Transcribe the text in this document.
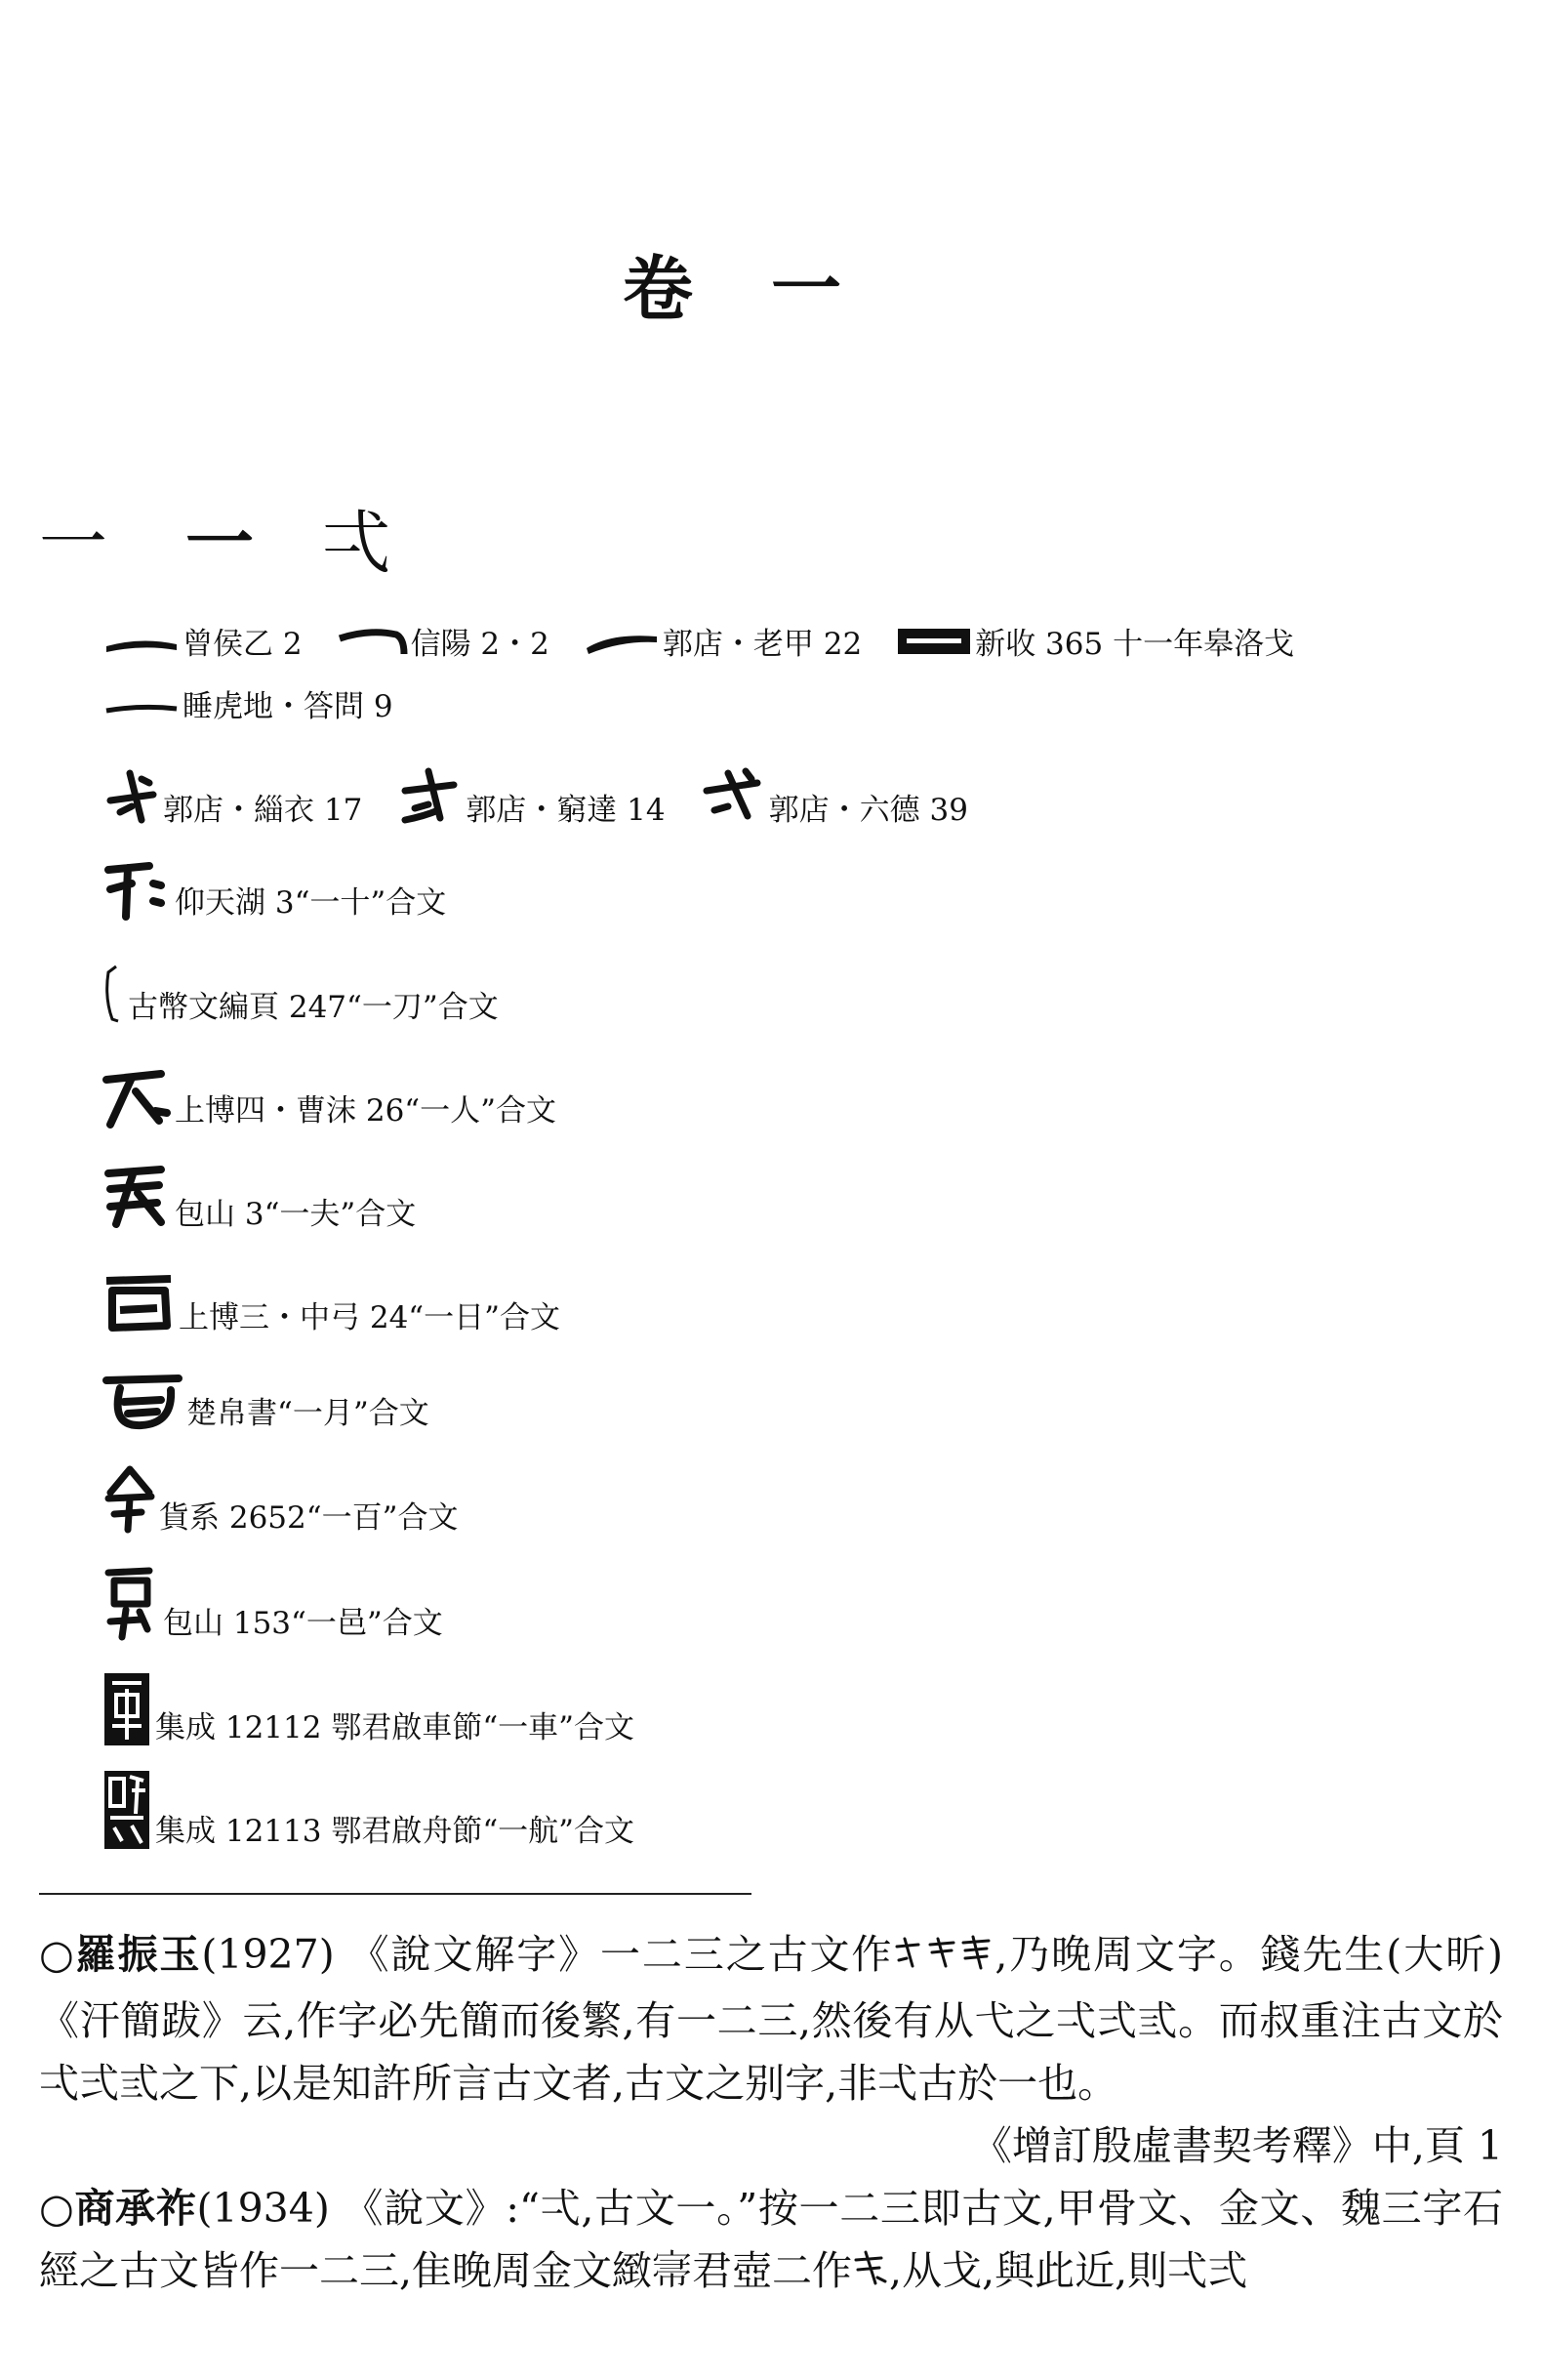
卷一
一	一	弌
曾侯乙 2	信陽 2・2	郭店・老甲 22	新收 365 十一年皋洛戈
睡虎地・答問 9
郭店・緇衣 17	郭店・窮達 14	郭店・六德 39
仰天湖 3“一十”合文
古幣文編頁 247“一刀”合文
上博四・曹沫 26“一人”合文
包山 3“一夫”合文
上博三・中弓 24“一日”合文
楚帛書“一月”合文
貨系 2652“一百”合文
包山 153“一邑”合文
集成 12112 鄂君啟車節“一車”合文
集成 12113 鄂君啟舟節“一航”合文

○羅振玉(1927) 《說文解字》一二三之古文作	,乃晚周文字。錢先生(大昕)《汗簡跋》云,作字必先簡而後繁,有一二三,然後有从弋之弌弍弎。而叔重注古文於弌弍弎之下,以是知許所言古文者,古文之别字,非弌古於一也。
《增訂殷虛書契考釋》中,頁 1

○商承祚(1934) 《說文》:“弌,古文一。”按一二三即古文,甲骨文、金文、魏三字石經之古文皆作一二三,隹晚周金文緻𡨦君壺二作 ,从戈,與此近,則弌弍
